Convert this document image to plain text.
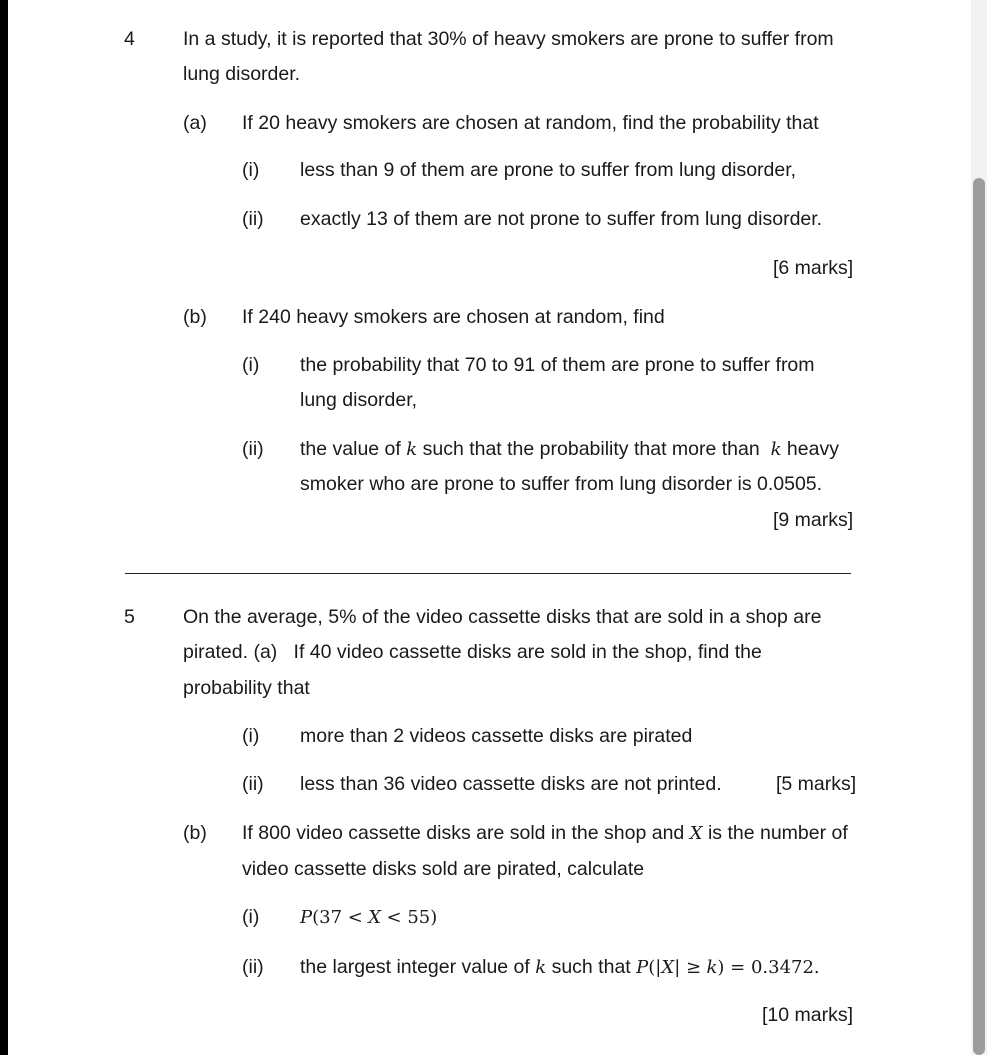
4 In a study, it is reported that 30% of heavy smokers are prone to suffer from
lung disorder.
(a) If 20 heavy smokers are chosen at random, find the probability that
(i) less than 9 of them are prone to suffer from lung disorder,
(ii) exactly 13 of them are not prone to suffer from lung disorder.
[6 marks]
(b) If 240 heavy smokers are chosen at random, find
(i) the probability that 70 to 91 of them are prone to suffer from
lung disorder,
(ii) the value of k such that the probability that more than k heavy
smoker who are prone to suffer from lung disorder is 0.0505.
[9 marks]
5 On the average, 5% of the video cassette disks that are sold in a shop are
pirated. (a)   If 40 video cassette disks are sold in the shop, find the
probability that
(i) more than 2 videos cassette disks are pirated
(ii) less than 36 video cassette disks are not printed.	[5 marks]
(b) If 800 video cassette disks are sold in the shop and X is the number of
video cassette disks sold are pirated, calculate
(i) P(37 < X < 55)
(ii) the largest integer value of k such that P(|X| ≥ k) = 0.3472.
[10 marks]
